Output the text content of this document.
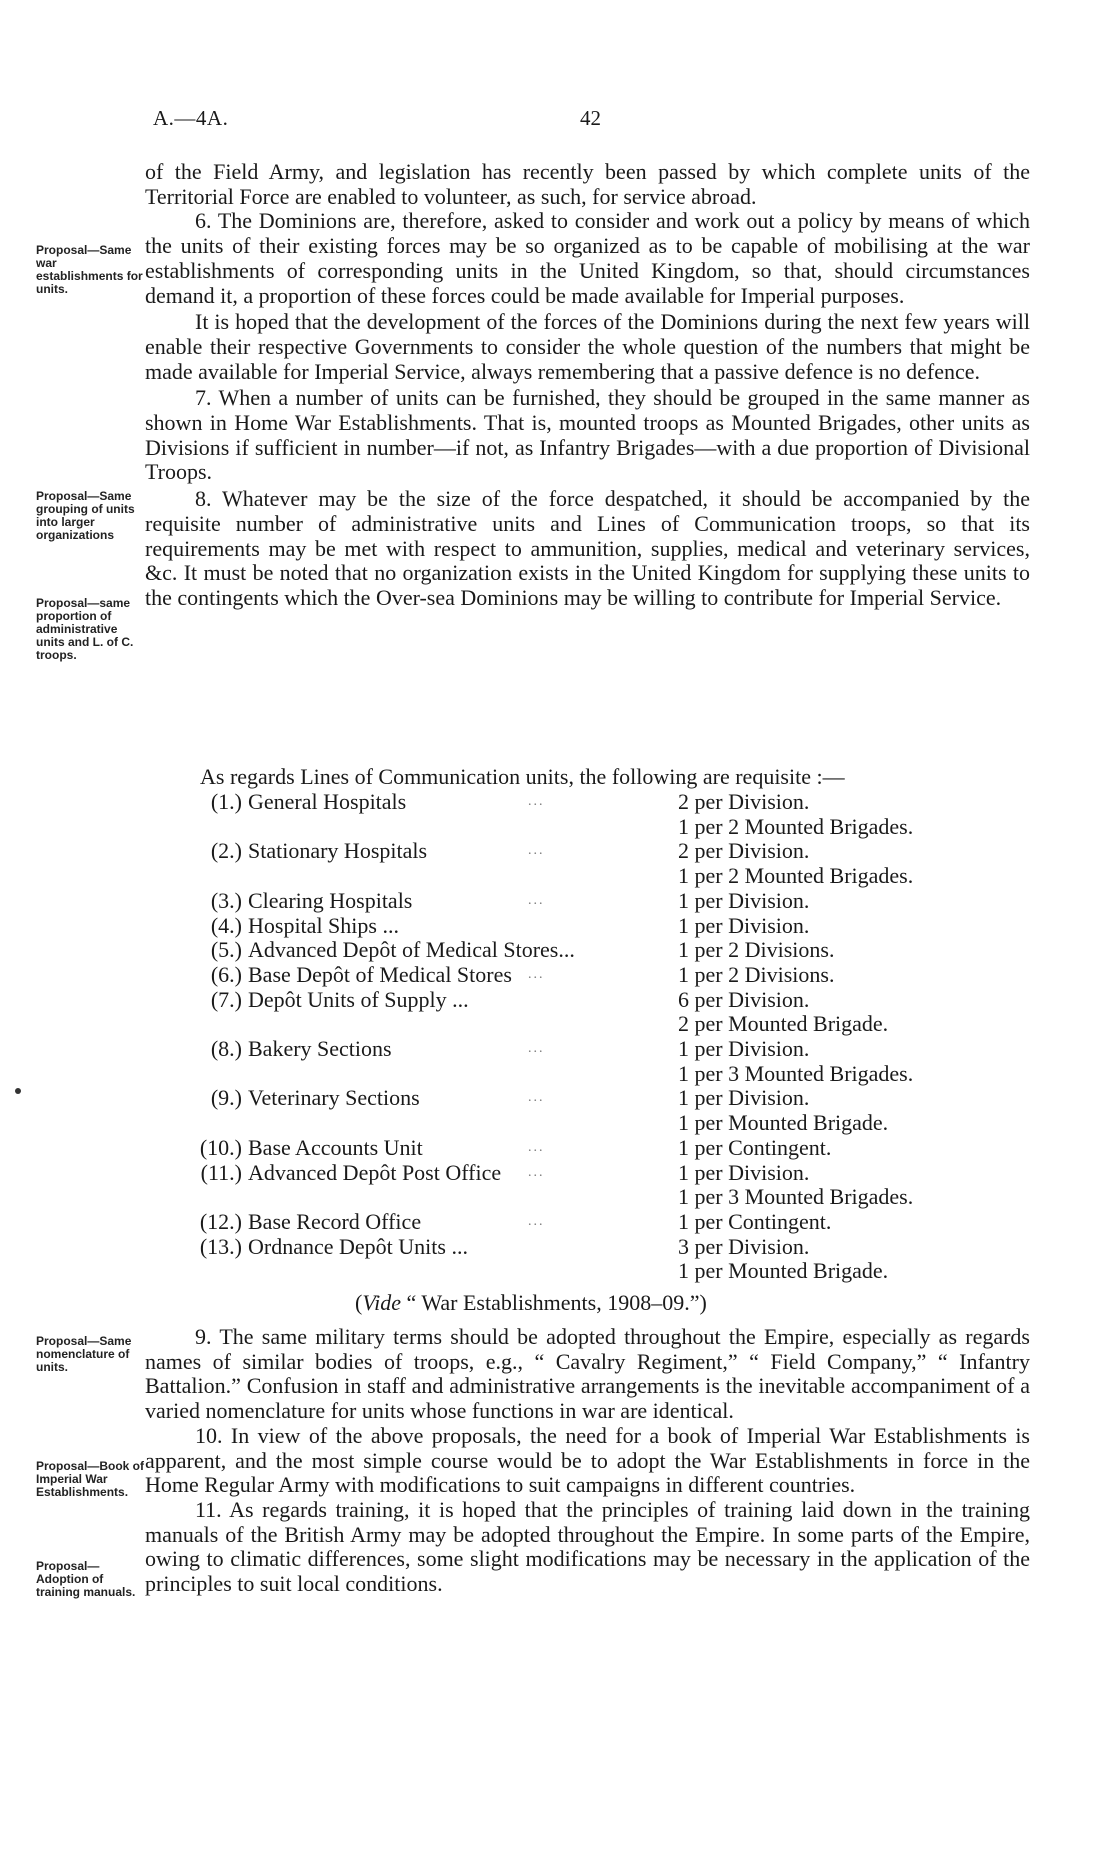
A.—4A.	42

of the Field Army, and legislation has recently been passed by which complete units of the Territorial Force are enabled to volunteer, as such, for service abroad.

6. The Dominions are, therefore, asked to consider and work out a policy by means of which the units of their existing forces may be so organized as to be capable of mobilising at the war establishments of corresponding units in the United Kingdom, so that, should circumstances demand it, a proportion of these forces could be made available for Imperial purposes.

It is hoped that the development of the forces of the Dominions during the next few years will enable their respective Governments to consider the whole question of the numbers that might be made available for Imperial Service, always remembering that a passive defence is no defence.

7. When a number of units can be furnished, they should be grouped in the same manner as shown in Home War Establishments. That is, mounted troops as Mounted Brigades, other units as Divisions if sufficient in number—if not, as Infantry Brigades—with a due proportion of Divisional Troops.

8. Whatever may be the size of the force despatched, it should be accompanied by the requisite number of administrative units and Lines of Communication troops, so that its requirements may be met with respect to ammunition, supplies, medical and veterinary services, &c. It must be noted that no organization exists in the United Kingdom for supplying these units to the contingents which the Over-sea Dominions may be willing to contribute for Imperial Service.

Proposal—Same war establishments for units.
Proposal—Same grouping of units into larger organizations
Proposal—same proportion of administrative units and L. of C. troops.
As regards Lines of Communication units, the following are requisite :—
(1.) General Hospitals	...	2 per Division.
1 per 2 Mounted Brigades.
(2.) Stationary Hospitals	...	2 per Division.
1 per 2 Mounted Brigades.
(3.) Clearing Hospitals	...	1 per Division.
(4.) Hospital Ships ...	1 per Division.
(5.) Advanced Depôt of Medical Stores...	1 per 2 Divisions.
(6.) Base Depôt of Medical Stores ...	1 per 2 Divisions.
(7.) Depôt Units of Supply ...	6 per Division.
2 per Mounted Brigade.
(8.) Bakery Sections	...	1 per Division.
1 per 3 Mounted Brigades.
(9.) Veterinary Sections	...	1 per Division.
1 per Mounted Brigade.
(10.) Base Accounts Unit	...	1 per Contingent.
(11.) Advanced Depôt Post Office ...	1 per Division.
1 per 3 Mounted Brigades.
(12.) Base Record Office	...	1 per Contingent.
(13.) Ordnance Depôt Units ...	3 per Division.
1 per Mounted Brigade.
(Vide “ War Establishments, 1908–09.”)

9. The same military terms should be adopted throughout the Empire, especially as regards names of similar bodies of troops, e.g., “ Cavalry Regiment,” “ Field Company,” “ Infantry Battalion.” Confusion in staff and administrative arrangements is the inevitable accompaniment of a varied nomenclature for units whose functions in war are identical.

10. In view of the above proposals, the need for a book of Imperial War Establishments is apparent, and the most simple course would be to adopt the War Establishments in force in the Home Regular Army with modifications to suit campaigns in different countries.

11. As regards training, it is hoped that the principles of training laid down in the training manuals of the British Army may be adopted throughout the Empire. In some parts of the Empire, owing to climatic differences, some slight modifications may be necessary in the application of the principles to suit local conditions.

Proposal—Same nomenclature of units.
Proposal—Book of Imperial War Establishments.
Proposal—Adoption of training manuals.
